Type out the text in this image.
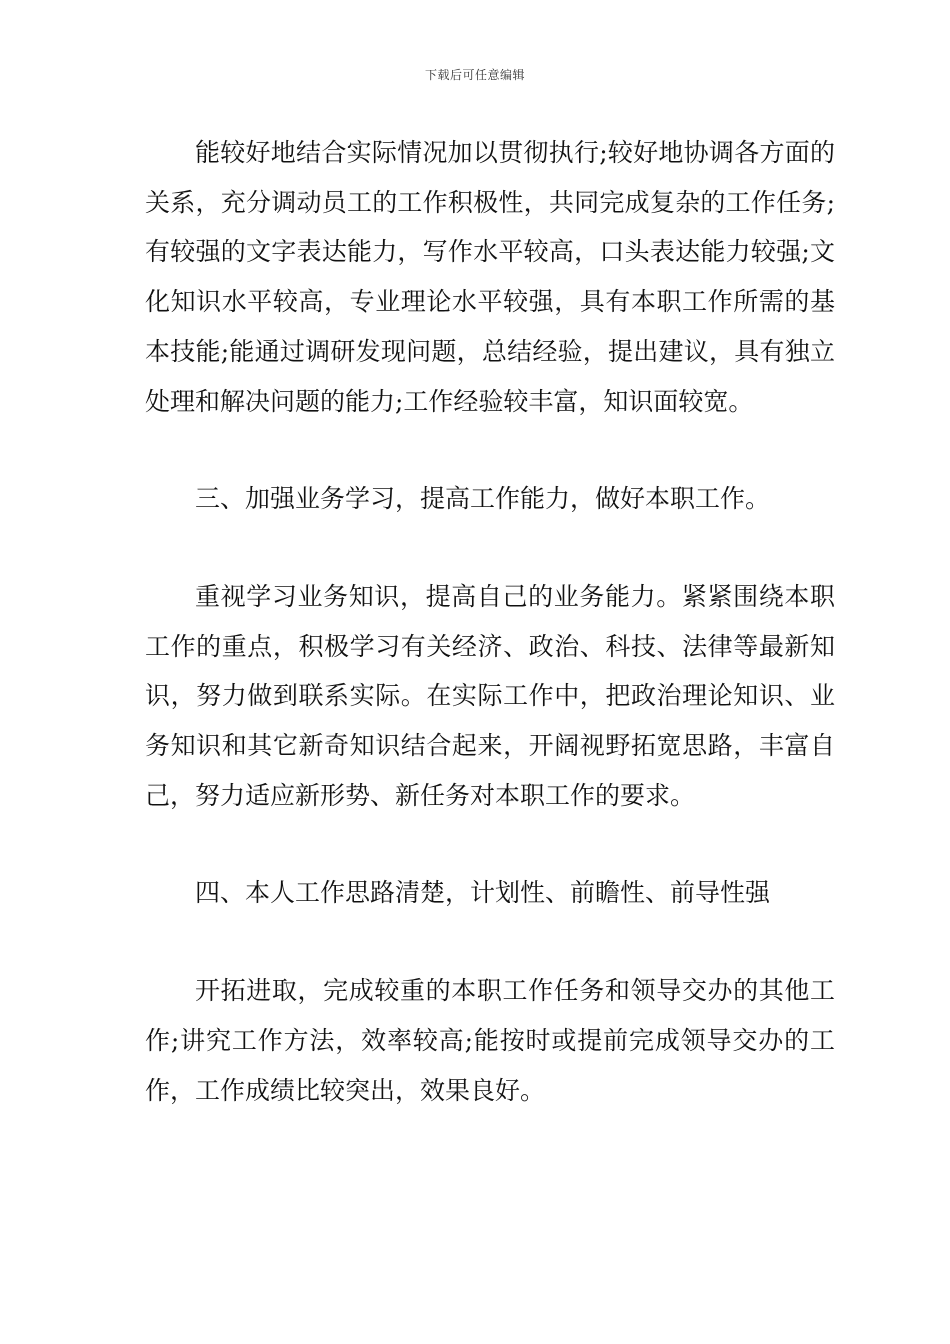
下载后可任意编辑

能较好地结合实际情况加以贯彻执行;较好地协调各方面的关系，充分调动员工的工作积极性，共同完成复杂的工作任务;有较强的文字表达能力，写作水平较高，口头表达能力较强;文化知识水平较高，专业理论水平较强，具有本职工作所需的基本技能;能通过调研发现问题，总结经验，提出建议，具有独立处理和解决问题的能力;工作经验较丰富，知识面较宽。

三、加强业务学习，提高工作能力，做好本职工作。

重视学习业务知识，提高自己的业务能力。紧紧围绕本职工作的重点，积极学习有关经济、政治、科技、法律等最新知识，努力做到联系实际。在实际工作中，把政治理论知识、业务知识和其它新奇知识结合起来，开阔视野拓宽思路，丰富自己，努力适应新形势、新任务对本职工作的要求。

四、本人工作思路清楚，计划性、前瞻性、前导性强

开拓进取，完成较重的本职工作任务和领导交办的其他工作;讲究工作方法，效率较高;能按时或提前完成领导交办的工作，工作成绩比较突出，效果良好。
